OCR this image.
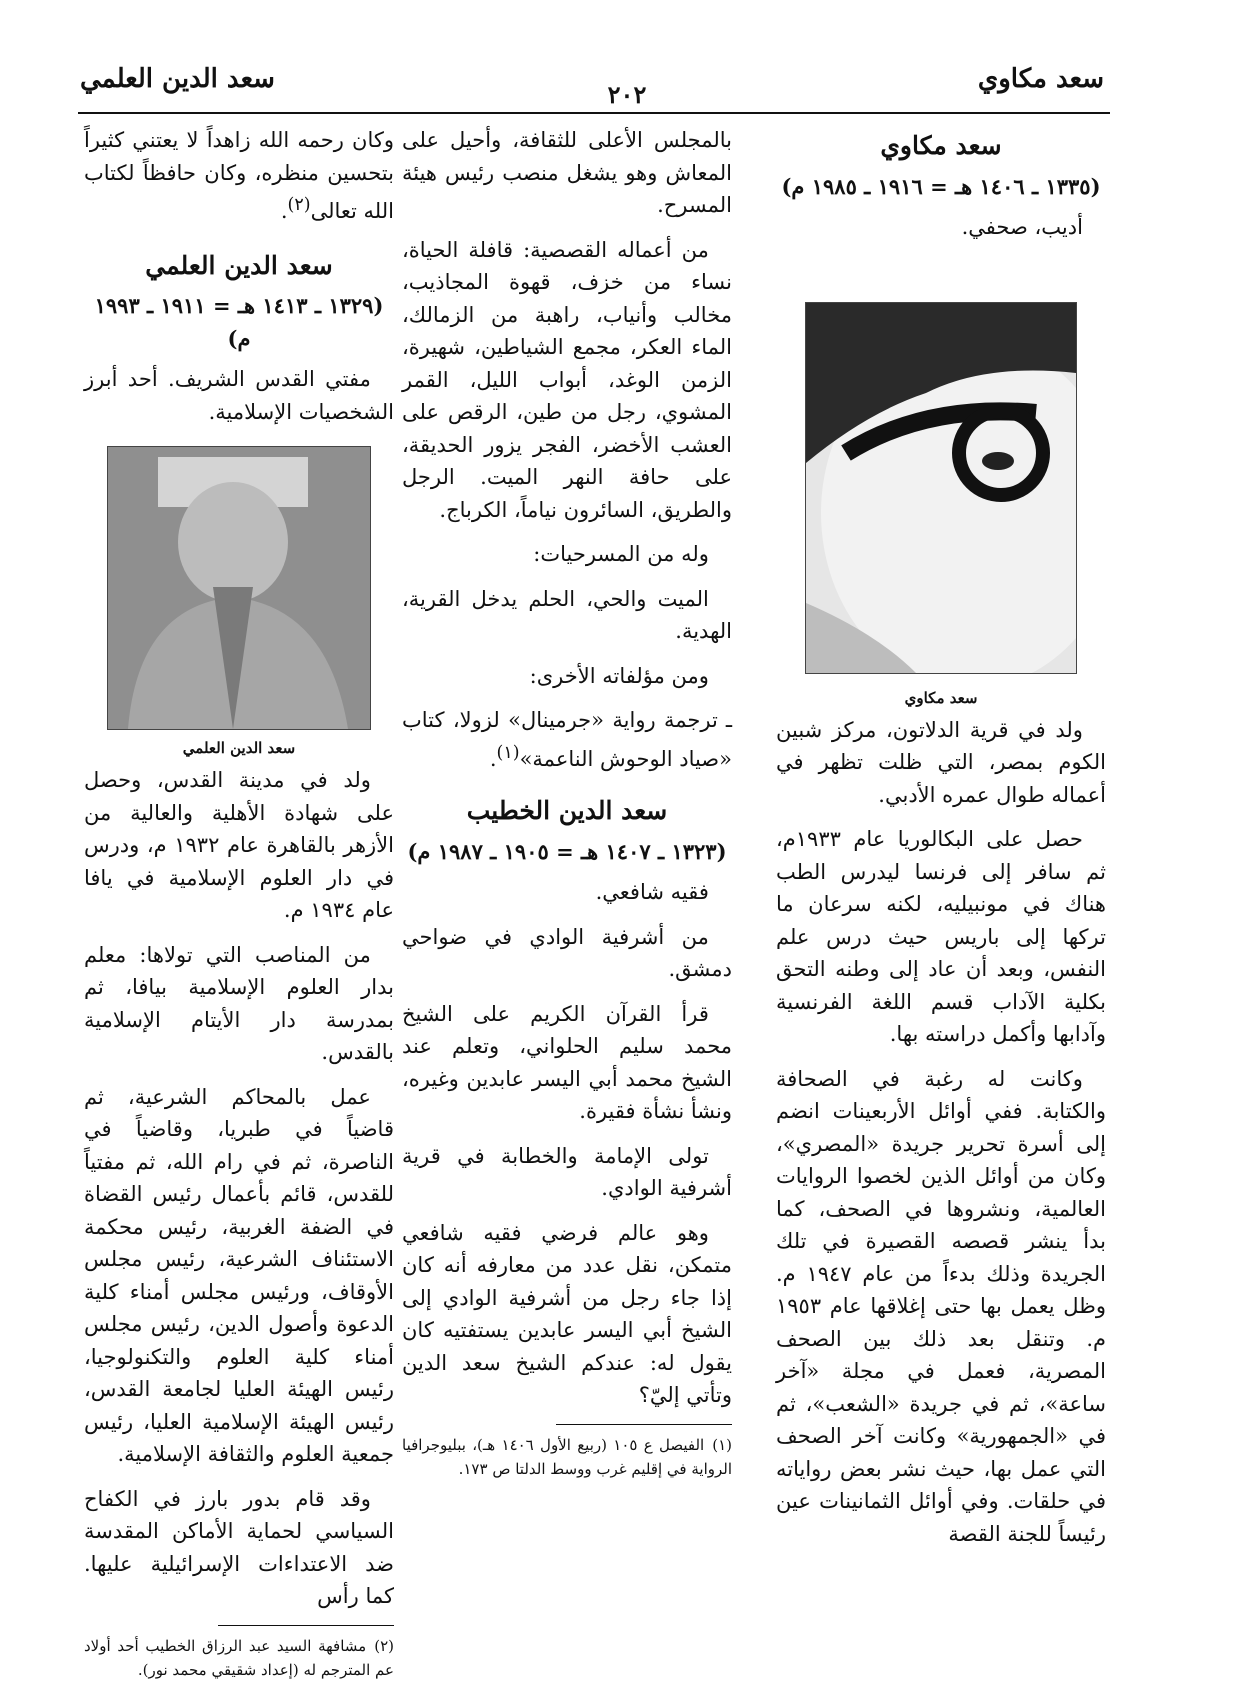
سعد مكاوي
٢٠٢
سعد الدين العلمي
سعد مكاوي
(١٣٣٥ ـ ١٤٠٦ هـ = ١٩١٦ ـ ١٩٨٥ م)

أديب، صحفي.

سعد مكاوي

ولد في قرية الدلاتون، مركز شبين الكوم بمصر، التي ظلت تظهر في أعماله طوال عمره الأدبي.

حصل على البكالوريا عام ١٩٣٣م، ثم سافر إلى فرنسا ليدرس الطب هناك في مونبيليه، لكنه سرعان ما تركها إلى باريس حيث درس علم النفس، وبعد أن عاد إلى وطنه التحق بكلية الآداب قسم اللغة الفرنسية وآدابها وأكمل دراسته بها.

وكانت له رغبة في الصحافة والكتابة. ففي أوائل الأربعينات انضم إلى أسرة تحرير جريدة «المصري»، وكان من أوائل الذين لخصوا الروايات العالمية، ونشروها في الصحف، كما بدأ ينشر قصصه القصيرة في تلك الجريدة وذلك بدءاً من عام ١٩٤٧ م. وظل يعمل بها حتى إغلاقها عام ١٩٥٣ م. وتنقل بعد ذلك بين الصحف المصرية، فعمل في مجلة «آخر ساعة»، ثم في جريدة «الشعب»، ثم في «الجمهورية» وكانت آخر الصحف التي عمل بها، حيث نشر بعض رواياته في حلقات. وفي أوائل الثمانينات عين رئيساً للجنة القصة

بالمجلس الأعلى للثقافة، وأحيل على المعاش وهو يشغل منصب رئيس هيئة المسرح.

من أعماله القصصية: قافلة الحياة، نساء من خزف، قهوة المجاذيب، مخالب وأنياب، راهبة من الزمالك، الماء العكر، مجمع الشياطين، شهيرة، الزمن الوغد، أبواب الليل، القمر المشوي، رجل من طين، الرقص على العشب الأخضر، الفجر يزور الحديقة، على حافة النهر الميت. الرجل والطريق، السائرون نياماً، الكرباج.

وله من المسرحيات:

الميت والحي، الحلم يدخل القرية، الهدية.

ومن مؤلفاته الأخرى:

ـترجمة رواية «جرمينال» لزولا، كتاب «صياد الوحوش الناعمة»$^{(١)}$.

سعد الدين الخطيب
(١٣٢٣ ـ ١٤٠٧ هـ = ١٩٠٥ ـ ١٩٨٧ م)

فقيه شافعي.

من أشرفية الوادي في ضواحي دمشق.

قرأ القرآن الكريم على الشيخ محمد سليم الحلواني، وتعلم عند الشيخ محمد أبي اليسر عابدين وغيره، ونشأ نشأة فقيرة.

تولى الإمامة والخطابة في قرية أشرفية الوادي.

وهو عالم فرضي فقيه شافعي متمكن، نقل عدد من معارفه أنه كان إذا جاء رجل من أشرفية الوادي إلى الشيخ أبي اليسر عابدين يستفتيه كان يقول له: عندكم الشيخ سعد الدين وتأتي إليّ؟

(١)الفيصل ع ١٠٥ (ربيع الأول ١٤٠٦ هـ)، ببليوجرافيا الرواية في إقليم غرب ووسط الدلتا ص ١٧٣.

وكان رحمه الله زاهداً لا يعتني كثيراً بتحسين منظره، وكان حافظاً لكتاب الله تعالى$^{(٢)}$.

سعد الدين العلمي
(١٣٢٩ ـ ١٤١٣ هـ = ١٩١١ ـ ١٩٩٣ م)

مفتي القدس الشريف. أحد أبرز الشخصيات الإسلامية.

سعد الدين العلمي

ولد في مدينة القدس، وحصل على شهادة الأهلية والعالية من الأزهر بالقاهرة عام ١٩٣٢ م، ودرس في دار العلوم الإسلامية في يافا عام ١٩٣٤ م.

من المناصب التي تولاها: معلم بدار العلوم الإسلامية بيافا، ثم بمدرسة دار الأيتام الإسلامية بالقدس.

عمل بالمحاكم الشرعية، ثم قاضياً في طبريا، وقاضياً في الناصرة، ثم في رام الله، ثم مفتياً للقدس، قائم بأعمال رئيس القضاة في الضفة الغربية، رئيس محكمة الاستئناف الشرعية، رئيس مجلس الأوقاف، ورئيس مجلس أمناء كلية الدعوة وأصول الدين، رئيس مجلس أمناء كلية العلوم والتكنولوجيا، رئيس الهيئة العليا لجامعة القدس، رئيس الهيئة الإسلامية العليا، رئيس جمعية العلوم والثقافة الإسلامية.

وقد قام بدور بارز في الكفاح السياسي لحماية الأماكن المقدسة ضد الاعتداءات الإسرائيلية عليها. كما رأس

(٢)مشافهة السيد عبد الرزاق الخطيب أحد أولاد عم المترجم له (إعداد شقيقي محمد نور).
